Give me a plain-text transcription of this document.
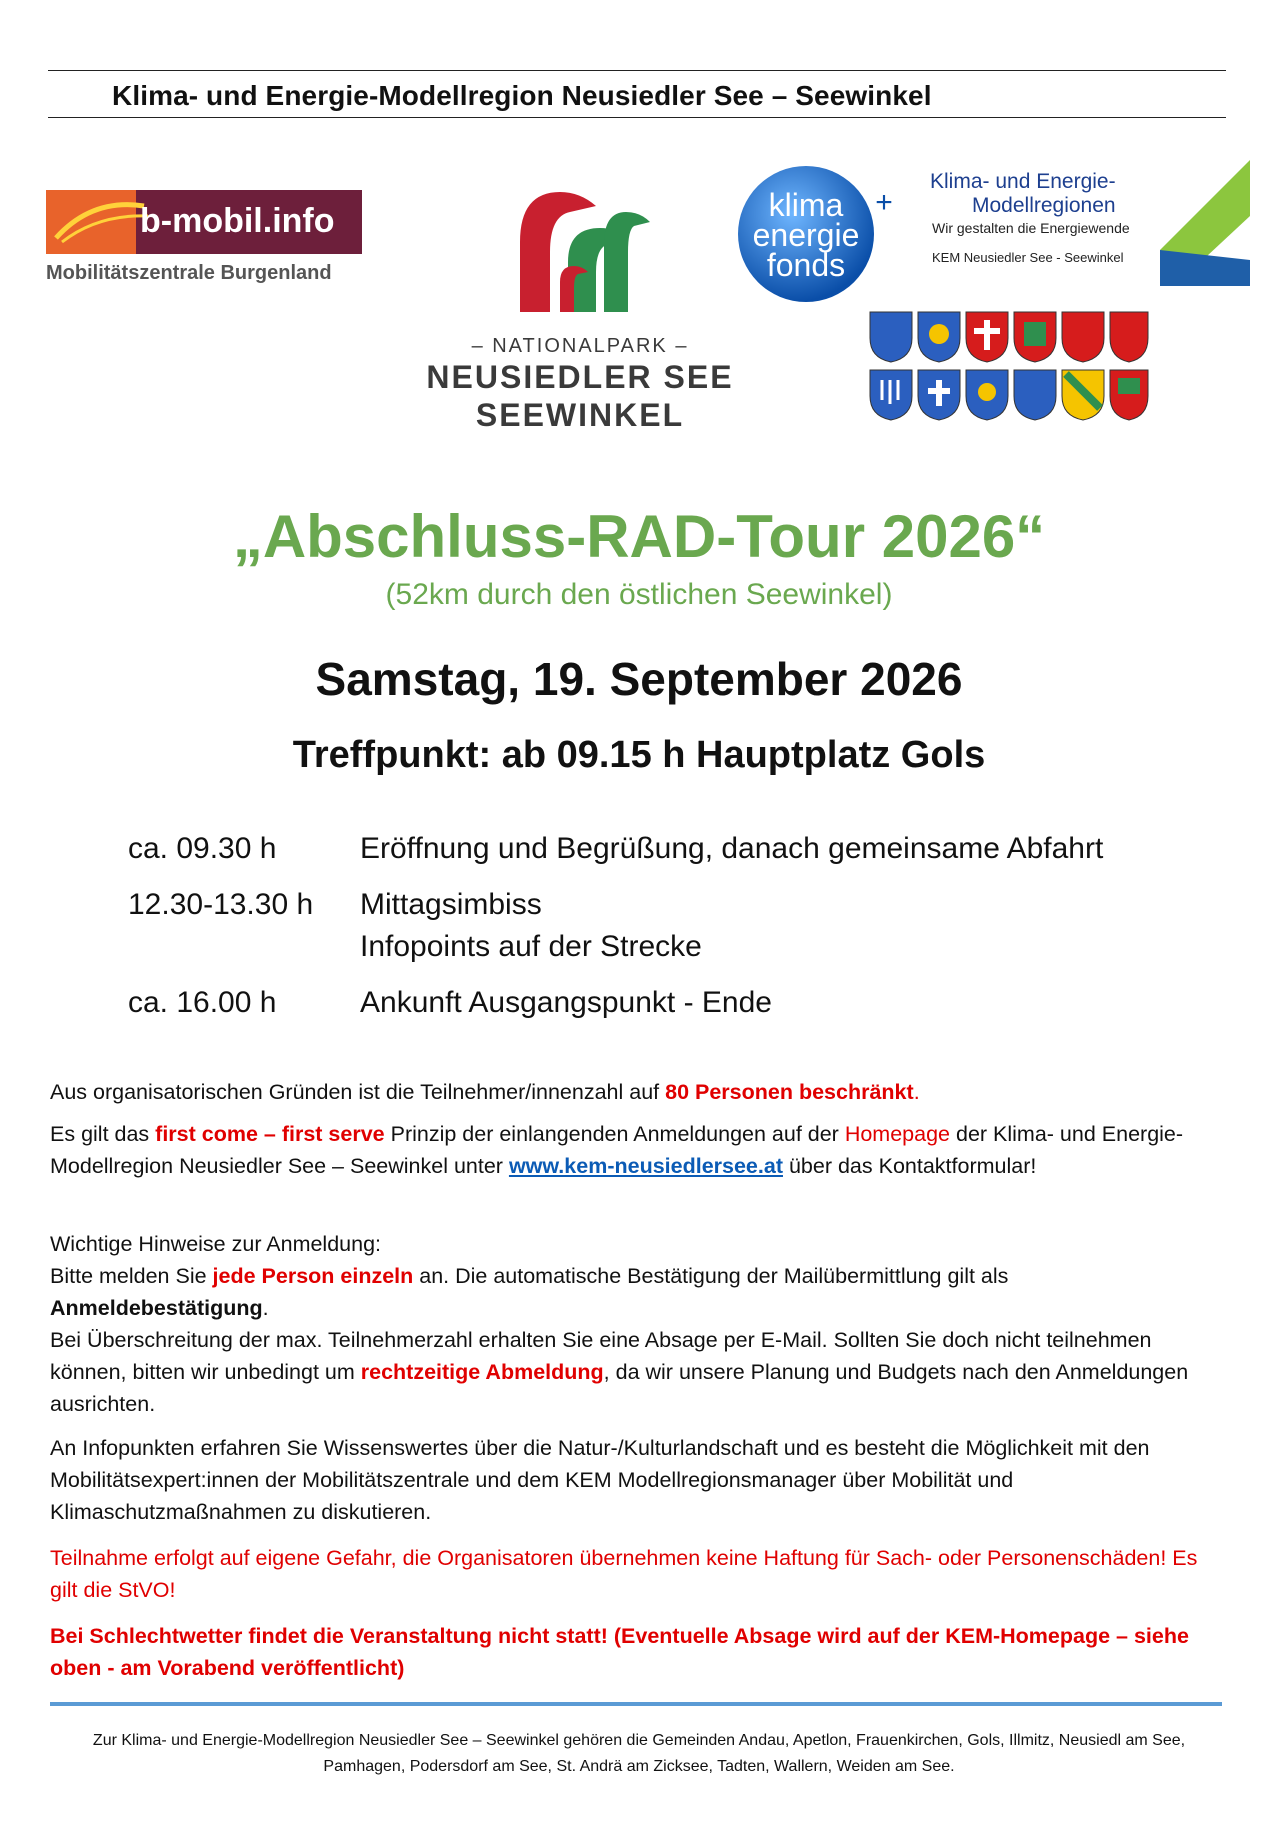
Klima- und Energie-Modellregion Neusiedler See – Seewinkel
b-mobil.info
Mobilitätszentrale Burgenland
– NATIONALPARK –
NEUSIEDLER SEE
SEEWINKEL
klima
energie
fonds
+
Klima- und Energie-
Modellregionen
Wir gestalten die Energiewende
KEM Neusiedler See - Seewinkel
„Abschluss-RAD-Tour 2026“
(52km durch den östlichen Seewinkel)
Samstag, 19. September 2026
Treffpunkt: ab 09.15 h Hauptplatz Gols
ca. 09.30 h	Eröffnung und Begrüßung, danach gemeinsame Abfahrt
12.30-13.30 h Mittagsimbiss
Infopoints auf der Strecke
ca. 16.00 h	Ankunft Ausgangspunkt - Ende
Aus organisatorischen Gründen ist die Teilnehmer/innenzahl auf 80 Personen beschränkt.
Es gilt das first come – first serve Prinzip der einlangenden Anmeldungen auf der Homepage der Klima- und Energie-Modellregion Neusiedler See – Seewinkel unter www.kem-neusiedlersee.at über das Kontaktformular!
Wichtige Hinweise zur Anmeldung:
Bitte melden Sie jede Person einzeln an. Die automatische Bestätigung der Mailübermittlung gilt als Anmeldebestätigung.
Bei Überschreitung der max. Teilnehmerzahl erhalten Sie eine Absage per E-Mail. Sollten Sie doch nicht teilnehmen können, bitten wir unbedingt um rechtzeitige Abmeldung, da wir unsere Planung und Budgets nach den Anmeldungen ausrichten.
An Infopunkten erfahren Sie Wissenswertes über die Natur-/Kulturlandschaft und es besteht die Möglichkeit mit den Mobilitätsexpert:innen der Mobilitätszentrale und dem KEM Modellregionsmanager über Mobilität und Klimaschutzmaßnahmen zu diskutieren.
Teilnahme erfolgt auf eigene Gefahr, die Organisatoren übernehmen keine Haftung für Sach- oder Personenschäden! Es gilt die StVO!
Bei Schlechtwetter findet die Veranstaltung nicht statt! (Eventuelle Absage wird auf der KEM-Homepage – siehe oben - am Vorabend veröffentlicht)
Zur Klima- und Energie-Modellregion Neusiedler See – Seewinkel gehören die Gemeinden Andau, Apetlon, Frauenkirchen, Gols, Illmitz, Neusiedl am See, Pamhagen, Podersdorf am See, St. Andrä am Zicksee, Tadten, Wallern, Weiden am See.
